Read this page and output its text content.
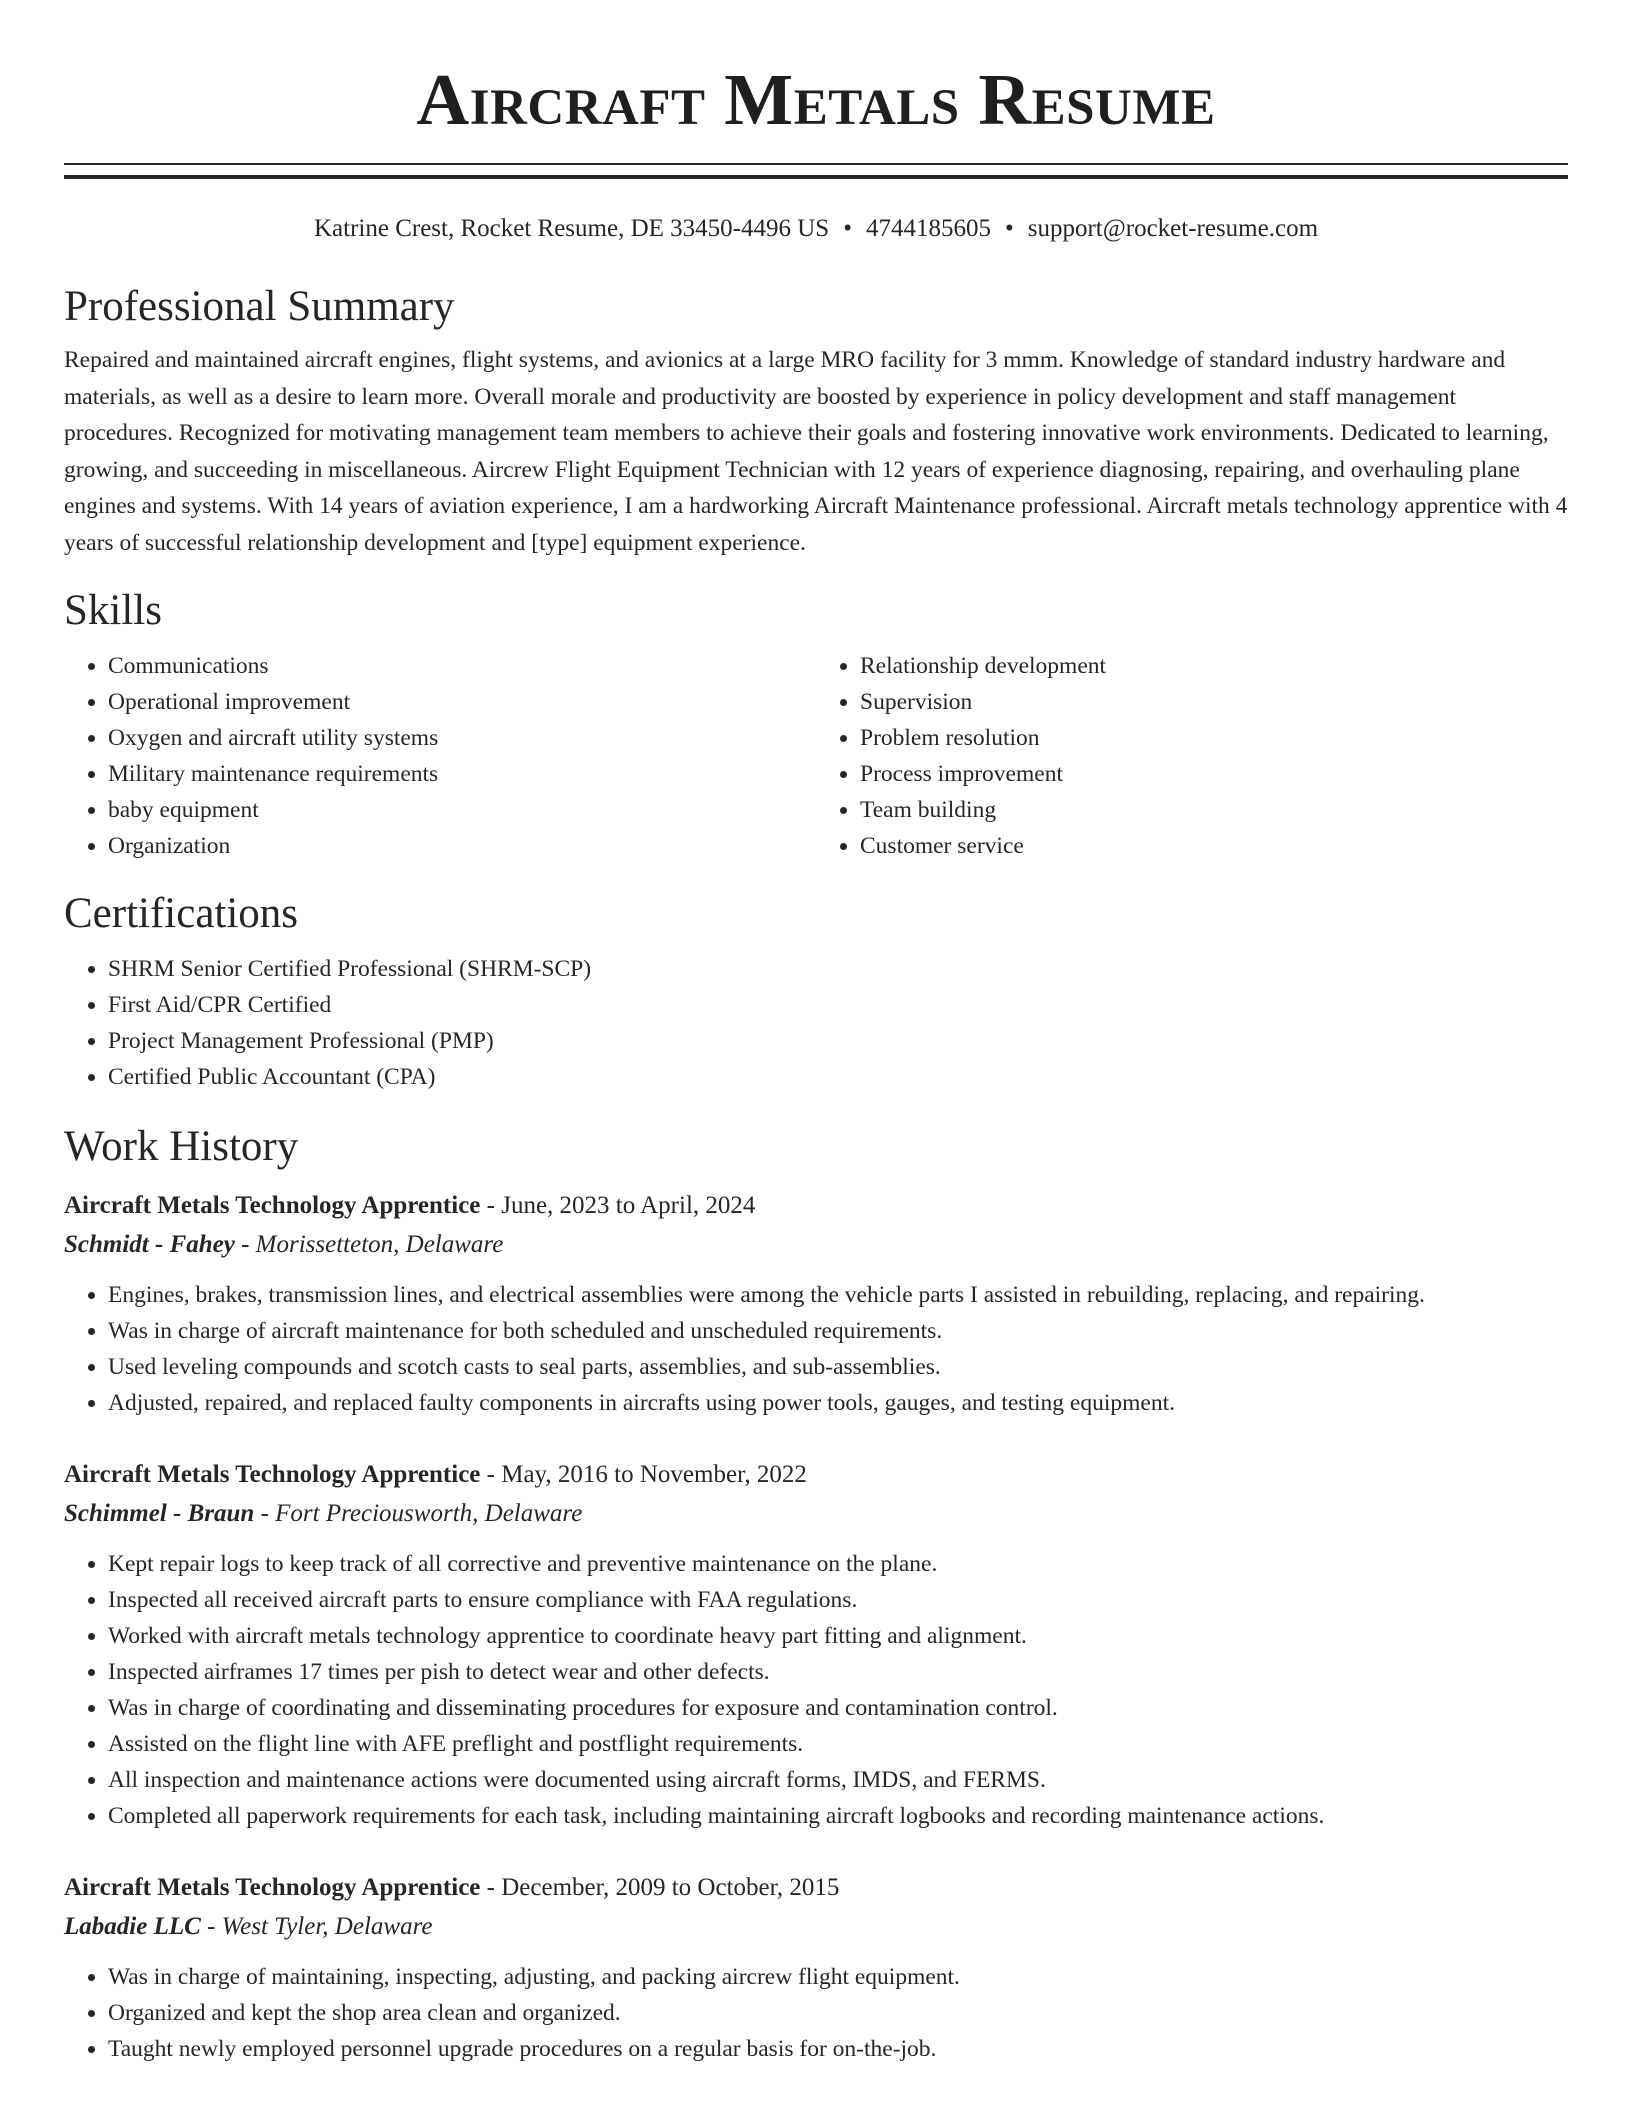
Aircraft Metals Resume
Katrine Crest, Rocket Resume, DE 33450-4496 US • 4744185605 • support@rocket-resume.com
Professional Summary

Repaired and maintained aircraft engines, flight systems, and avionics at a large MRO facility for 3 mmm. Knowledge of standard industry hardware and materials, as well as a desire to learn more. Overall morale and productivity are boosted by experience in policy development and staff management procedures. Recognized for motivating management team members to achieve their goals and fostering innovative work environments. Dedicated to learning, growing, and succeeding in miscellaneous. Aircrew Flight Equipment Technician with 12 years of experience diagnosing, repairing, and overhauling plane engines and systems. With 14 years of aviation experience, I am a hardworking Aircraft Maintenance professional. Aircraft metals technology apprentice with 4 years of successful relationship development and [type] equipment experience.

Skills
• Communications
• Operational improvement
• Oxygen and aircraft utility systems
• Military maintenance requirements
• baby equipment
• Organization
• Relationship development
• Supervision
• Problem resolution
• Process improvement
• Team building
• Customer service
Certifications
• SHRM Senior Certified Professional (SHRM-SCP)
• First Aid/CPR Certified
• Project Management Professional (PMP)
• Certified Public Accountant (CPA)
Work History
Aircraft Metals Technology Apprentice - June, 2023 to April, 2024
Schmidt - Fahey - Morissetteton, Delaware
• Engines, brakes, transmission lines, and electrical assemblies were among the vehicle parts I assisted in rebuilding, replacing, and repairing.
• Was in charge of aircraft maintenance for both scheduled and unscheduled requirements.
• Used leveling compounds and scotch casts to seal parts, assemblies, and sub-assemblies.
• Adjusted, repaired, and replaced faulty components in aircrafts using power tools, gauges, and testing equipment.
Aircraft Metals Technology Apprentice - May, 2016 to November, 2022
Schimmel - Braun - Fort Preciousworth, Delaware
• Kept repair logs to keep track of all corrective and preventive maintenance on the plane.
• Inspected all received aircraft parts to ensure compliance with FAA regulations.
• Worked with aircraft metals technology apprentice to coordinate heavy part fitting and alignment.
• Inspected airframes 17 times per pish to detect wear and other defects.
• Was in charge of coordinating and disseminating procedures for exposure and contamination control.
• Assisted on the flight line with AFE preflight and postflight requirements.
• All inspection and maintenance actions were documented using aircraft forms, IMDS, and FERMS.
• Completed all paperwork requirements for each task, including maintaining aircraft logbooks and recording maintenance actions.
Aircraft Metals Technology Apprentice - December, 2009 to October, 2015
Labadie LLC - West Tyler, Delaware
• Was in charge of maintaining, inspecting, adjusting, and packing aircrew flight equipment.
• Organized and kept the shop area clean and organized.
• Taught newly employed personnel upgrade procedures on a regular basis for on-the-job.
